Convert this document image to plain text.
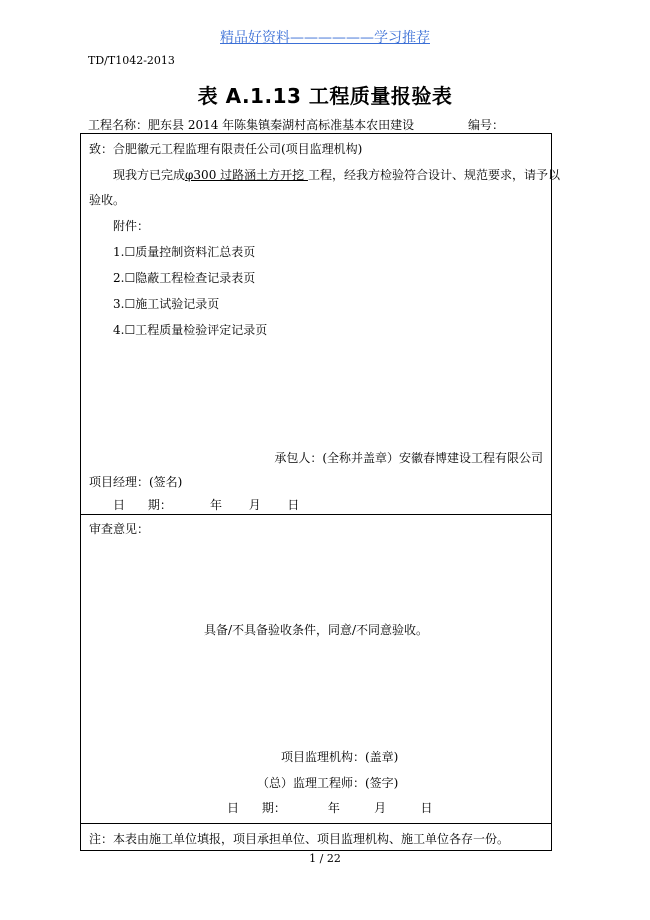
精品好资料——————学习推荐
TD/T1042-2013
表 A.1.13 工程质量报验表
工程名称：肥东县 2014 年陈集镇秦湖村高标准基本农田建设	编号：
致：合肥徽元工程监理有限责任公司(项目监理机构)
现我方已完成φ300 过路涵土方开挖 工程，经我方检验符合设计、规范要求，请予以
验收。
附件：
1.☐质量控制资料汇总表页
2.☐隐蔽工程检查记录表页
3.☐施工试验记录页
4.☐工程质量检验评定记录页
承包人：(全称并盖章）安徽春博建设工程有限公司
项目经理：(签名)
日      期：          年       月       日
审查意见：
具备/不具备验收条件，同意/不同意验收。
项目监理机构：(盖章)
（总）监理工程师：(签字)
日      期：           年         月         日
注：本表由施工单位填报，项目承担单位、项目监理机构、施工单位各存一份。
1 / 22
